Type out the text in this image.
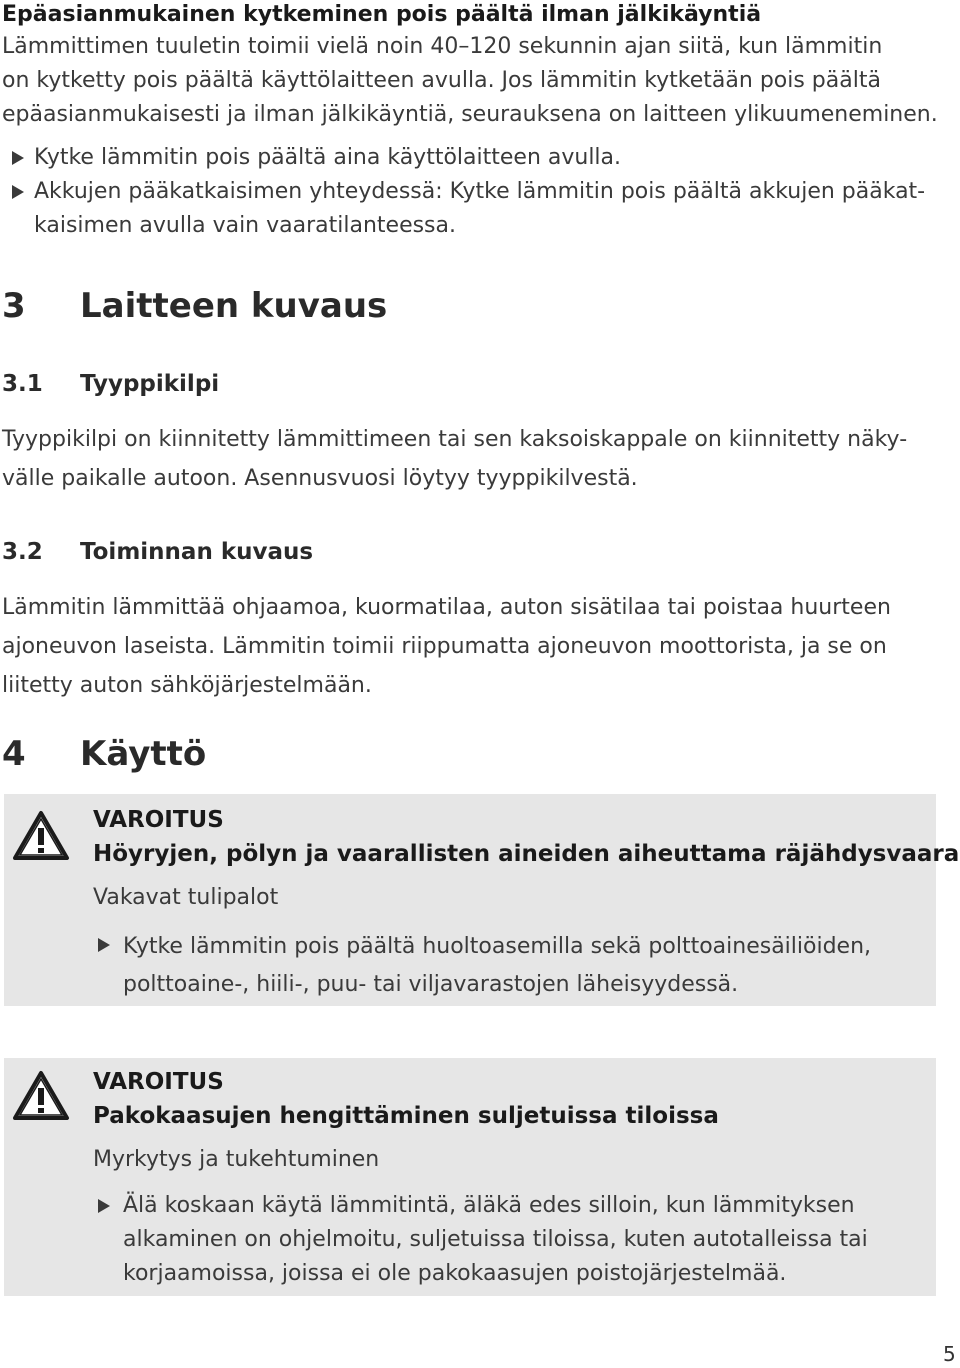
Epäasianmukainen kytkeminen pois päältä ilman jälkikäyntiä
Lämmittimen tuuletin toimii vielä noin 40–120 sekunnin ajan siitä, kun lämmitin
on kytketty pois päältä käyttölaitteen avulla. Jos lämmitin kytketään pois päältä
epäasianmukaisesti ja ilman jälkikäyntiä, seurauksena on laitteen ylikuumeneminen.
Kytke lämmitin pois päältä aina käyttölaitteen avulla.
Akkujen pääkatkaisimen yhteydessä: Kytke lämmitin pois päältä akkujen pääkat-
kaisimen avulla vain vaaratilanteessa.
3 Laitteen kuvaus
3.1 Tyyppikilpi
Tyyppikilpi on kiinnitetty lämmittimeen tai sen kaksoiskappale on kiinnitetty näky-
välle paikalle autoon. Asennusvuosi löytyy tyyppikilvestä.
3.2 Toiminnan kuvaus
Lämmitin lämmittää ohjaamoa, kuormatilaa, auton sisätilaa tai poistaa huurteen
ajoneuvon laseista. Lämmitin toimii riippumatta ajoneuvon moottorista, ja se on
liitetty auton sähköjärjestelmään.
4 Käyttö
VAROITUS
Höyryjen, pölyn ja vaarallisten aineiden aiheuttama räjähdysvaara
Vakavat tulipalot
Kytke lämmitin pois päältä huoltoasemilla sekä polttoainesäiliöiden,
polttoaine-, hiili-, puu- tai viljavarastojen läheisyydessä.
VAROITUS
Pakokaasujen hengittäminen suljetuissa tiloissa
Myrkytys ja tukehtuminen
Älä koskaan käytä lämmitintä, äläkä edes silloin, kun lämmityksen
alkaminen on ohjelmoitu, suljetuissa tiloissa, kuten autotalleissa tai
korjaamoissa, joissa ei ole pakokaasujen poistojärjestelmää.
5
